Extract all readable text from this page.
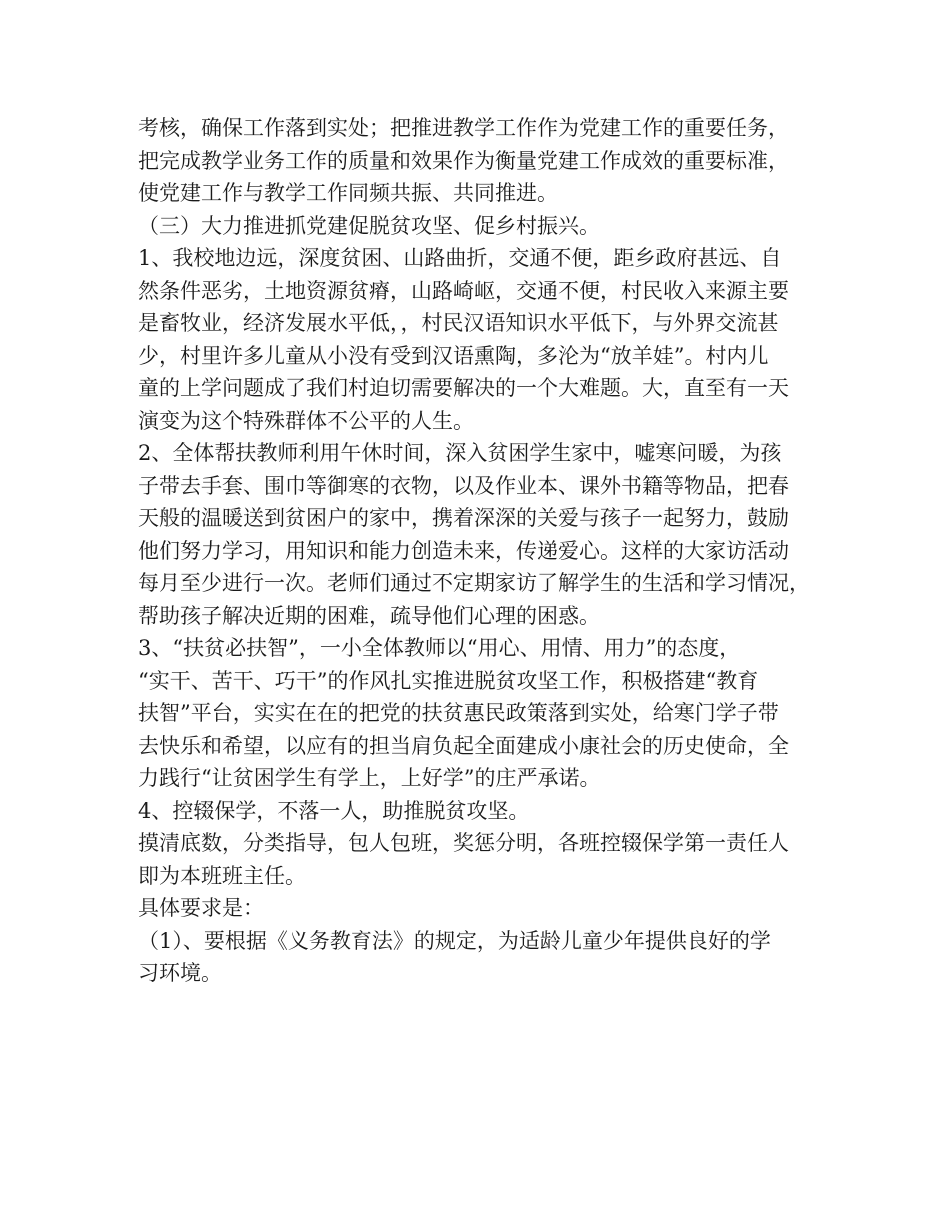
考核，确保工作落到实处；把推进教学工作作为党建工作的重要任务，
把完成教学业务工作的质量和效果作为衡量党建工作成效的重要标准，
使党建工作与教学工作同频共振、共同推进。
（三）大力推进抓党建促脱贫攻坚、促乡村振兴。
1、我校地边远，深度贫困、山路曲折，交通不便，距乡政府甚远、自
然条件恶劣，土地资源贫瘠，山路崎岖，交通不便，村民收入来源主要
是畜牧业，经济发展水平低，，村民汉语知识水平低下，与外界交流甚
少，村里许多儿童从小没有受到汉语熏陶，多沦为“放羊娃”。村内儿
童的上学问题成了我们村迫切需要解决的一个大难题。大，直至有一天
演变为这个特殊群体不公平的人生。
2、全体帮扶教师利用午休时间，深入贫困学生家中，嘘寒问暖，为孩
子带去手套、围巾等御寒的衣物，以及作业本、课外书籍等物品，把春
天般的温暖送到贫困户的家中，携着深深的关爱与孩子一起努力，鼓励
他们努力学习，用知识和能力创造未来，传递爱心。这样的大家访活动
每月至少进行一次。老师们通过不定期家访了解学生的生活和学习情况，
帮助孩子解决近期的困难，疏导他们心理的困惑。
3、“扶贫必扶智”，一小全体教师以“用心、用情、用力”的态度，
“实干、苦干、巧干”的作风扎实推进脱贫攻坚工作，积极搭建“教育
扶智”平台，实实在在的把党的扶贫惠民政策落到实处，给寒门学子带
去快乐和希望，以应有的担当肩负起全面建成小康社会的历史使命，全
力践行“让贫困学生有学上，上好学”的庄严承诺。
4、控辍保学，不落一人，助推脱贫攻坚。
摸清底数，分类指导，包人包班，奖惩分明，各班控辍保学第一责任人
即为本班班主任。
具体要求是：
（1）、要根据《义务教育法》的规定，为适龄儿童少年提供良好的学
习环境。
